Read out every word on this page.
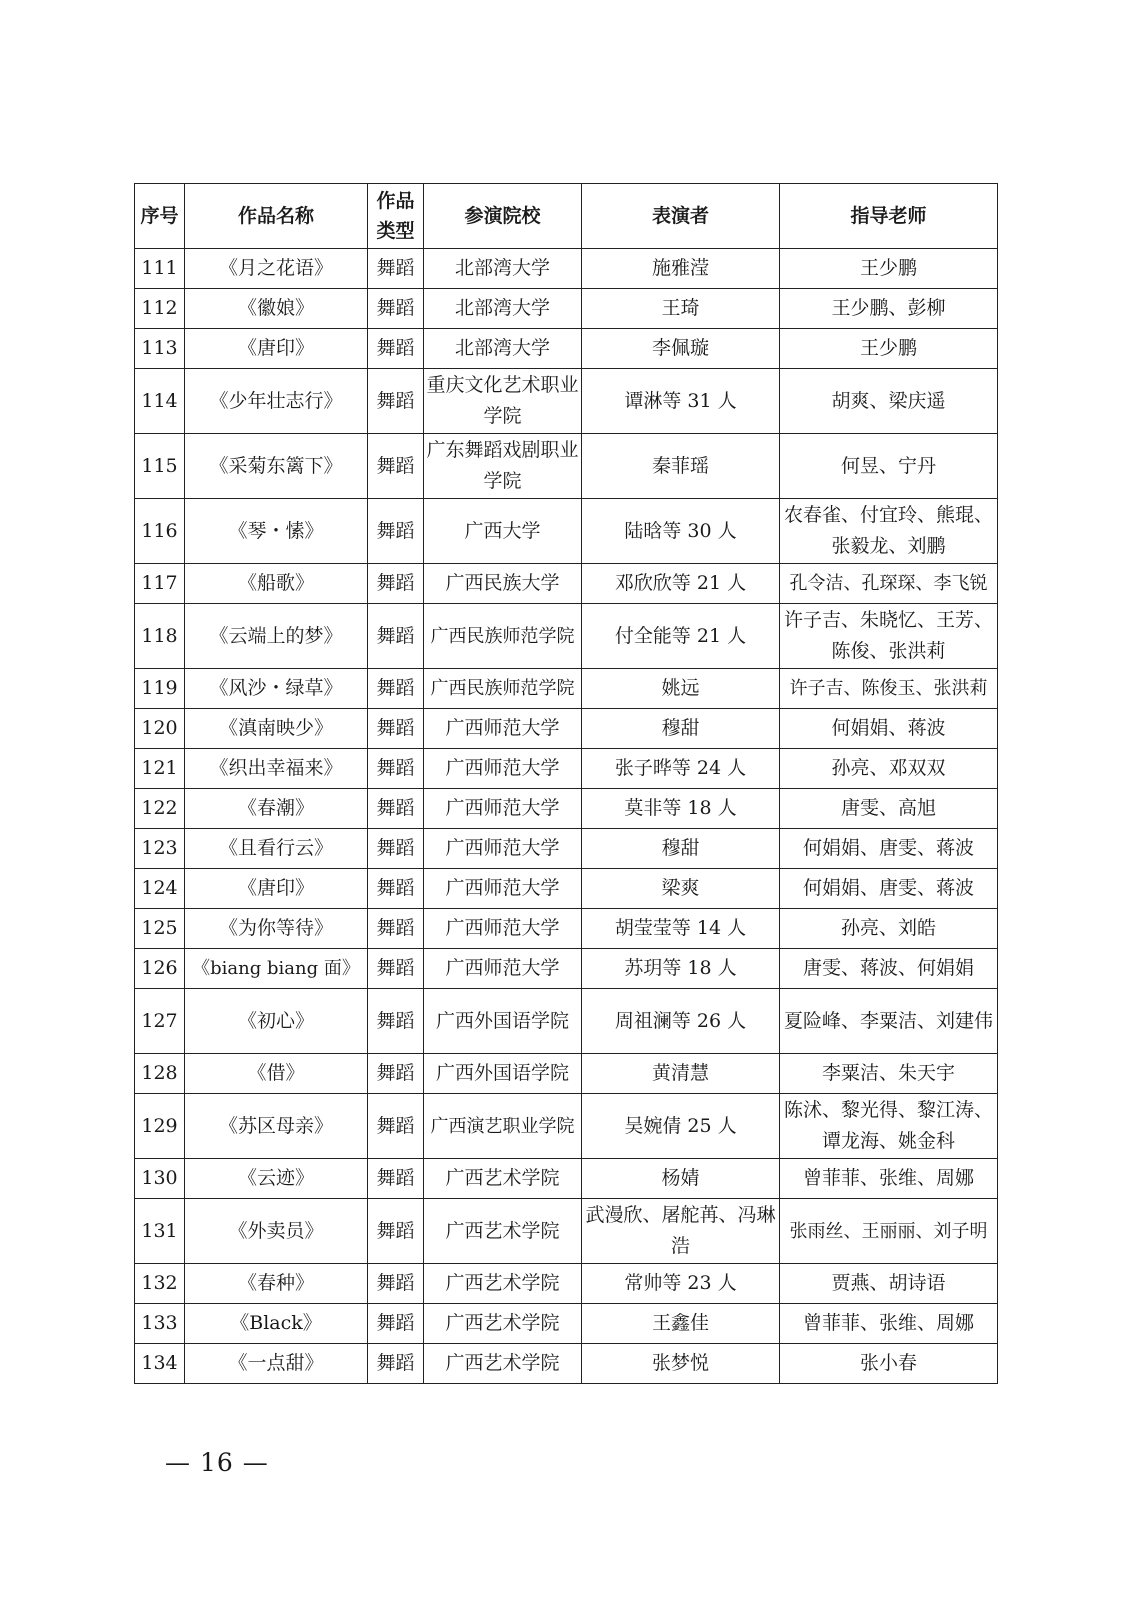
序号	作品名称	作品类型	参演院校	表演者	指导老师
111	《月之花语》	舞蹈	北部湾大学	施雅滢	王少鹏
112	《徽娘》	舞蹈	北部湾大学	王琦	王少鹏、彭柳
113	《唐印》	舞蹈	北部湾大学	李佩璇	王少鹏
114	《少年壮志行》	舞蹈	重庆文化艺术职业学院	谭淋等 31 人	胡爽、梁庆遥
115	《采菊东篱下》	舞蹈	广东舞蹈戏剧职业学院	秦菲瑶	何昱、宁丹
116	《琴・愫》	舞蹈	广西大学	陆晗等 30 人	农春雀、付宜玲、熊琨、张毅龙、刘鹏
117	《船歌》	舞蹈	广西民族大学	邓欣欣等 21 人	孔令洁、孔琛琛、李飞锐
118	《云端上的梦》	舞蹈	广西民族师范学院	付全能等 21 人	许子吉、朱晓忆、王芳、陈俊、张洪莉
119	《风沙・绿草》	舞蹈	广西民族师范学院	姚远	许子吉、陈俊玉、张洪莉
120	《滇南映少》	舞蹈	广西师范大学	穆甜	何娟娟、蒋波
121	《织出幸福来》	舞蹈	广西师范大学	张子晔等 24 人	孙亮、邓双双
122	《春潮》	舞蹈	广西师范大学	莫非等 18 人	唐雯、高旭
123	《且看行云》	舞蹈	广西师范大学	穆甜	何娟娟、唐雯、蒋波
124	《唐印》	舞蹈	广西师范大学	梁爽	何娟娟、唐雯、蒋波
125	《为你等待》	舞蹈	广西师范大学	胡莹莹等 14 人	孙亮、刘皓
126	《biang biang 面》	舞蹈	广西师范大学	苏玥等 18 人	唐雯、蒋波、何娟娟
127	《初心》	舞蹈	广西外国语学院	周祖澜等 26 人	夏险峰、李粟洁、刘建伟
128	《借》	舞蹈	广西外国语学院	黄清慧	李粟洁、朱天宇
129	《苏区母亲》	舞蹈	广西演艺职业学院	吴婉倩 25 人	陈沭、黎光得、黎江涛、谭龙海、姚金科
130	《云迹》	舞蹈	广西艺术学院	杨婧	曾菲菲、张维、周娜
131	《外卖员》	舞蹈	广西艺术学院	武漫欣、屠舵苒、冯琳浩	张雨丝、王丽丽、刘子明
132	《春种》	舞蹈	广西艺术学院	常帅等 23 人	贾燕、胡诗语
133	《Black》	舞蹈	广西艺术学院	王鑫佳	曾菲菲、张维、周娜
134	《一点甜》	舞蹈	广西艺术学院	张梦悦	张小春
— 16 —
